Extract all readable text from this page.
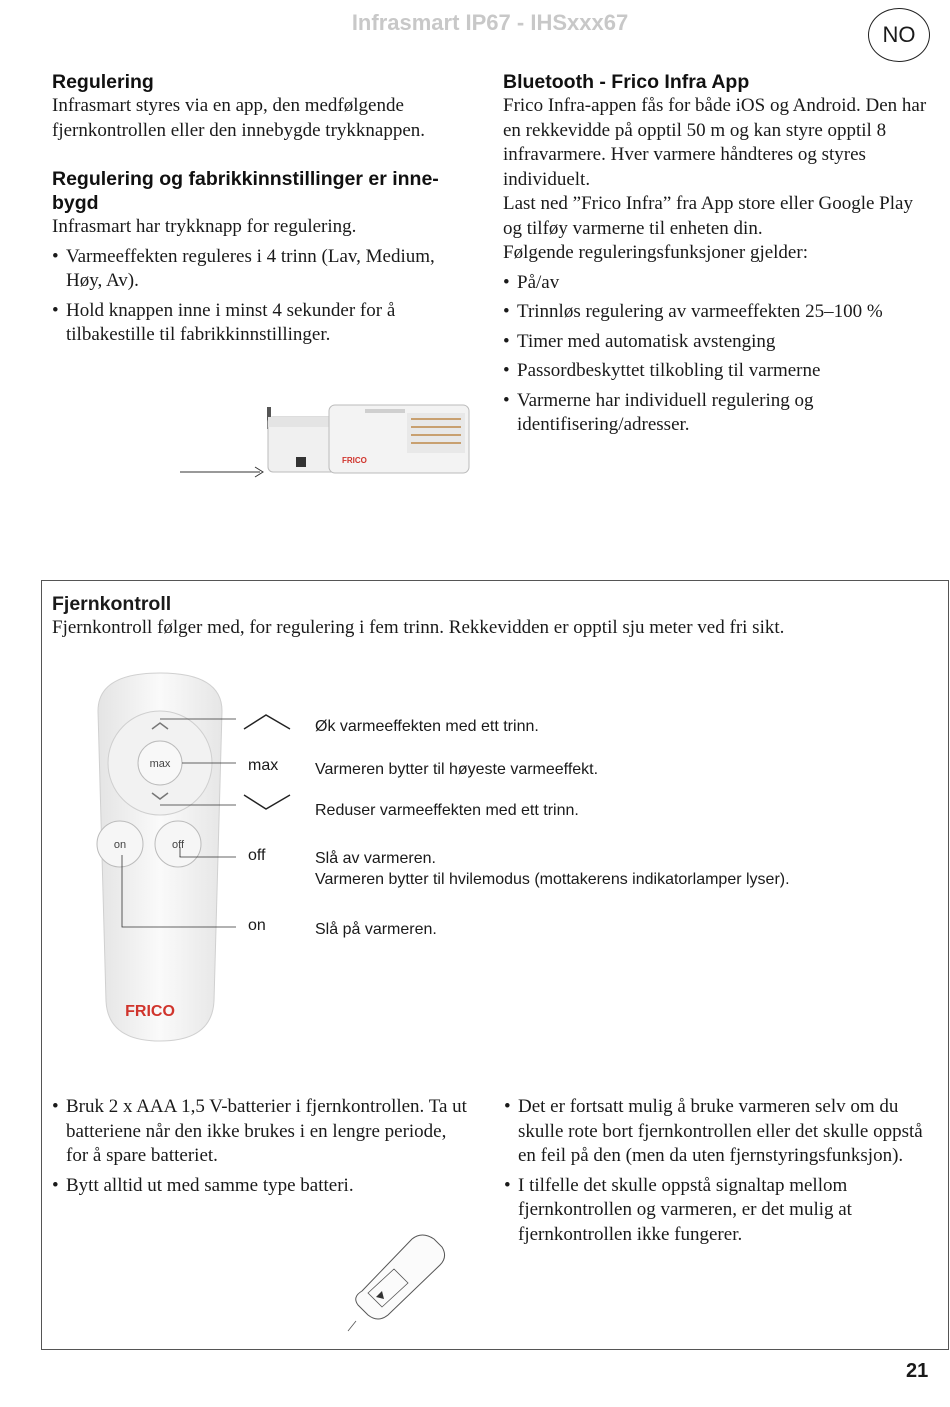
Infrasmart IP67 - IHSxxx67	NO
Regulering

Infrasmart styres via en app, den medfølgende fjernkontrollen eller den innebygde trykknappen.

Regulering og fabrikkinnstillinger er inne-
bygd

Infrasmart har trykknapp for regulering.

• Varmeeffekten reguleres i 4 trinn (Lav, Medium, Høy, Av).
• Hold knappen inne i minst 4 sekunder for å tilbakestille til fabrikkinnstillinger.
FRICO
Bluetooth - Frico Infra App

Frico Infra-appen fås for både iOS og Android. Den har en rekkevidde på opptil 50 m og kan styre opptil 8 infravarmere. Hver varmere håndteres og styres individuelt.

Last ned ”Frico Infra” fra App store eller Google Play og tilføy varmerne til enheten din.

Følgende reguleringsfunksjoner gjelder:

• På/av
• Trinnløs regulering av varmeeffekten 25–100 %
• Timer med automatisk avstenging
• Passordbeskyttet tilkobling til varmerne
• Varmerne har individuell regulering og identifisering/adresser.
Fjernkontroll
Fjernkontroll følger med, for regulering i fem trinn. Rekkevidden er opptil sju meter ved fri sikt.
max
on	off
FRICO
max
off
on
Øk varmeeffekten med ett trinn.
Varmeren bytter til høyeste varmeeffekt.
Reduser varmeeffekten med ett trinn.
Slå av varmeren.
Varmeren bytter til hvilemodus (mottakerens indikatorlamper lyser).
Slå på varmeren.
• Bruk 2 x AAA 1,5 V-batterier i fjernkontrollen. Ta ut batteriene når den ikke brukes i en lengre periode, for å spare batteriet.
• Bytt alltid ut med samme type batteri.
• Det er fortsatt mulig å bruke varmeren selv om du skulle rote bort fjernkontrollen eller det skulle oppstå en feil på den (men da uten fjernstyringsfunksjon).
• I tilfelle det skulle oppstå signaltap mellom fjernkontrollen og varmeren, er det mulig at fjernkontrollen ikke fungerer.
21
